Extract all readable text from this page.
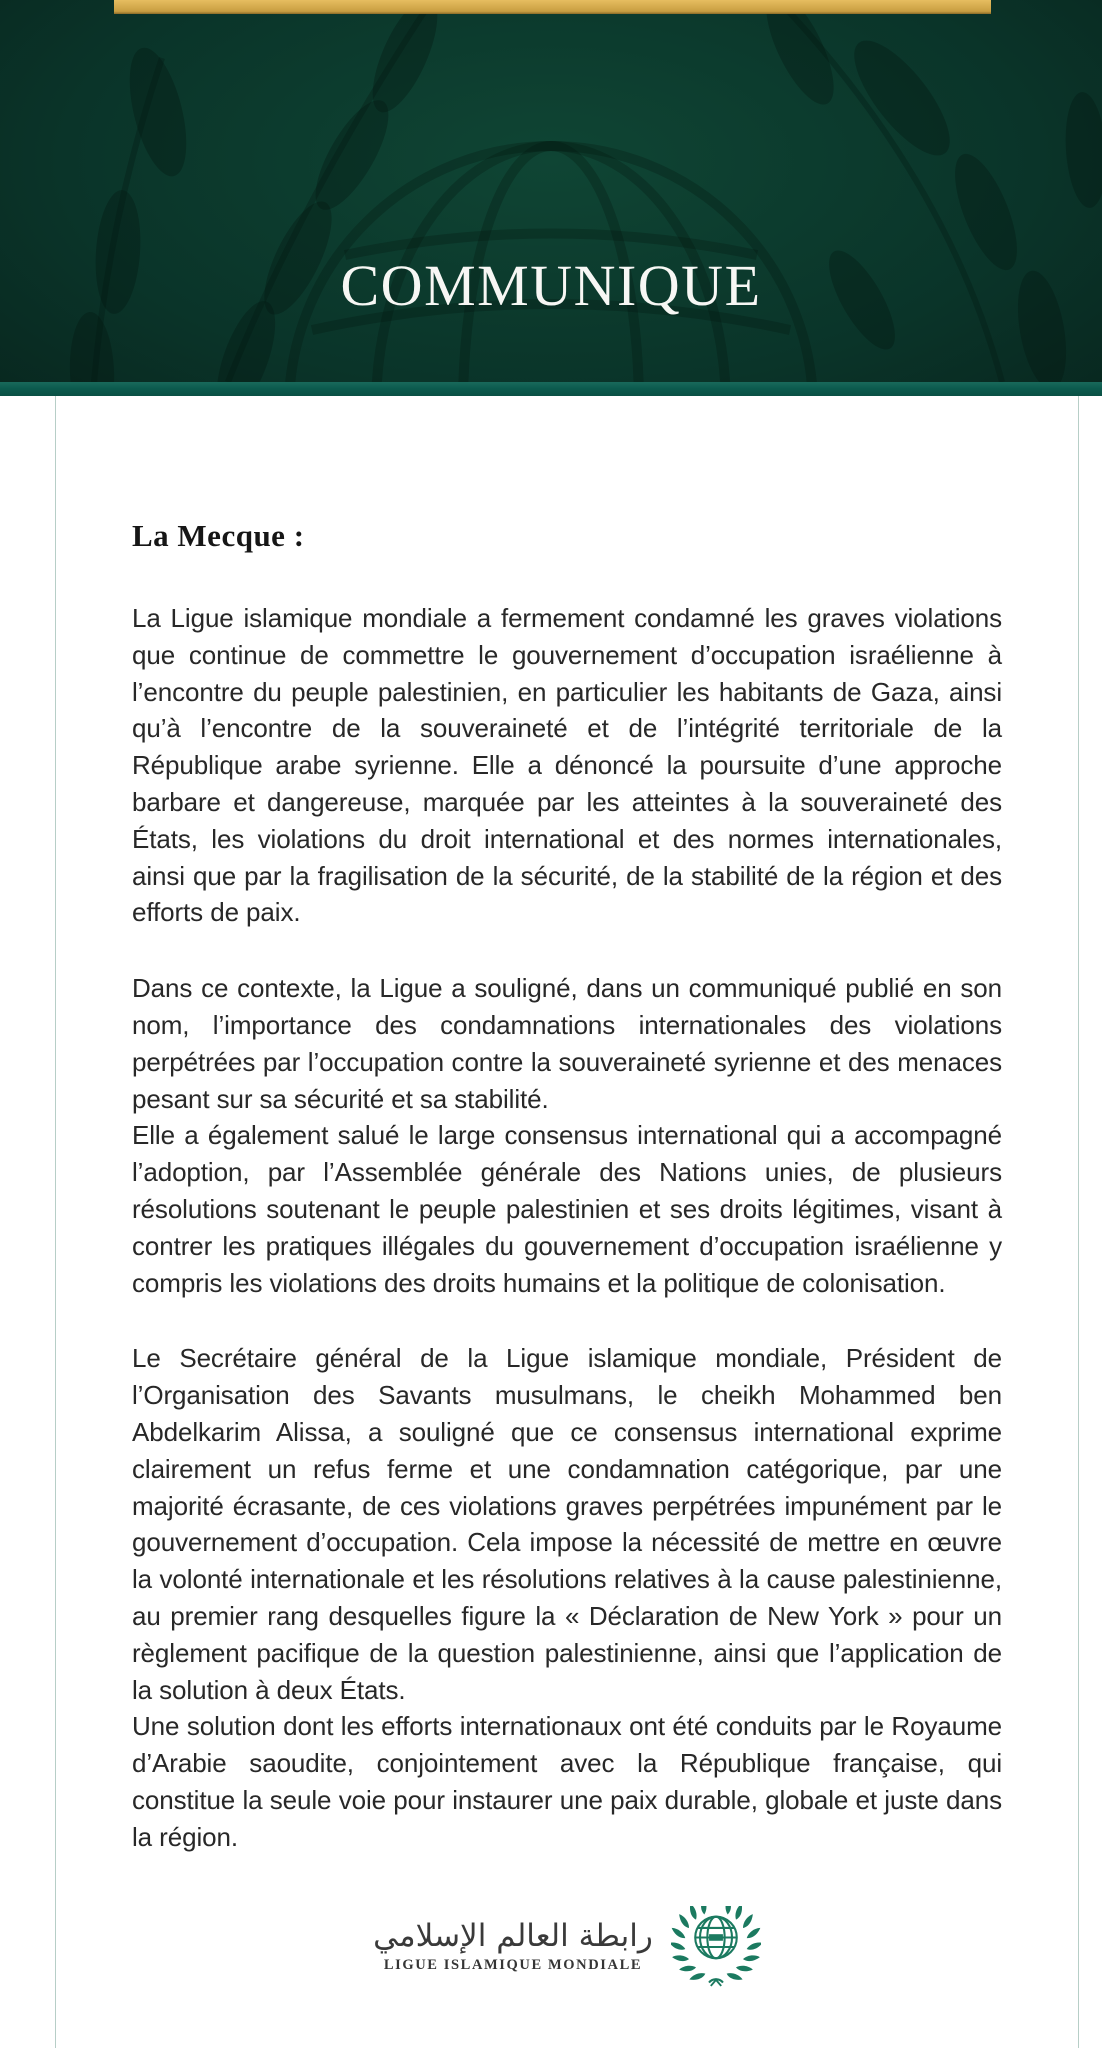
COMMUNIQUE
La Mecque :

La Ligue islamique mondiale a fermement condamné les graves violations que continue de commettre le gouvernement d’occupation israélienne à l’encontre du peuple palestinien, en particulier les habitants de Gaza, ainsi qu’à l’encontre de la souveraineté et de l’intégrité territoriale de la République arabe syrienne. Elle a dénoncé la poursuite d’une approche barbare et dangereuse, marquée par les atteintes à la souveraineté des États, les violations du droit international et des normes internationales, ainsi que par la fragilisation de la sécurité, de la stabilité de la région et des efforts de paix.

Dans ce contexte, la Ligue a souligné, dans un communiqué publié en son nom, l’importance des condamnations internationales des violations perpétrées par l’occupation contre la souveraineté syrienne et des menaces pesant sur sa sécurité et sa stabilité.

Elle a également salué le large consensus international qui a accompagné l’adoption, par l’Assemblée générale des Nations unies, de plusieurs résolutions soutenant le peuple palestinien et ses droits légitimes, visant à contrer les pratiques illégales du gouvernement d’occupation israélienne y compris les violations des droits humains et la politique de colonisation.

Le Secrétaire général de la Ligue islamique mondiale, Président de l’Organisation des Savants musulmans, le cheikh Mohammed ben Abdelkarim Alissa, a souligné que ce consensus international exprime clairement un refus ferme et une condamnation catégorique, par une majorité écrasante, de ces violations graves perpétrées impunément par le gouvernement d’occupation. Cela impose la nécessité de mettre en œuvre la volonté internationale et les résolutions relatives à la cause palestinienne, au premier rang desquelles figure la « Déclaration de New York » pour un règlement pacifique de la question palestinienne, ainsi que l’application de la solution à deux États.

Une solution dont les efforts internationaux ont été conduits par le Royaume d’Arabie saoudite, conjointement avec la République française, qui constitue la seule voie pour instaurer une paix durable, globale et juste dans la région.

رابطة العالم الإسلامي
LIGUE ISLAMIQUE MONDIALE
